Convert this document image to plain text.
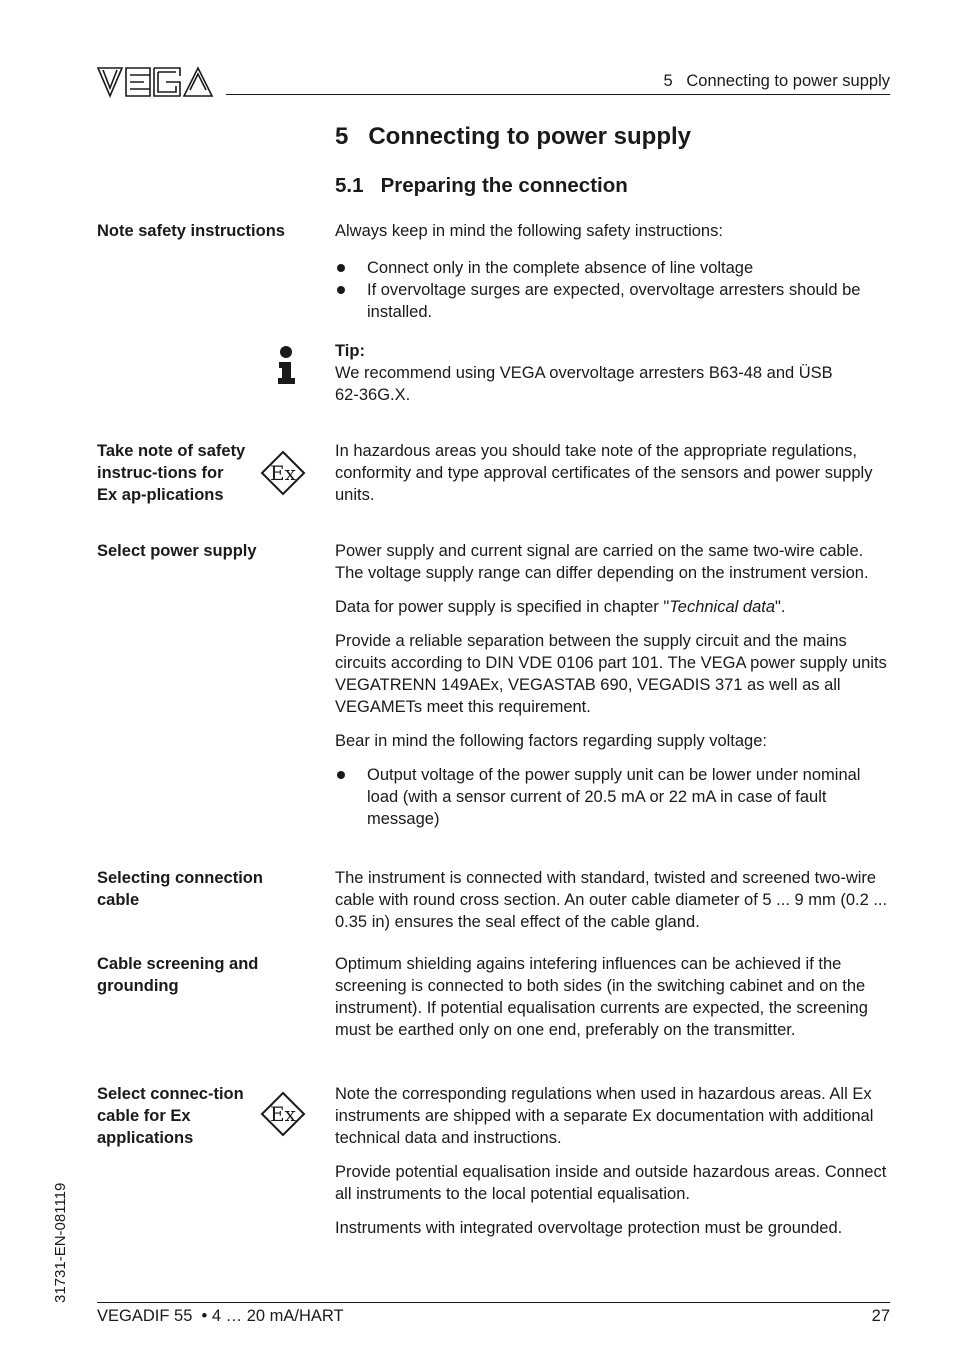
5   Connecting to power supply
5   Connecting to power supply
5.1   Preparing the connection
Note safety instructions	Always keep in mind the following safety instructions:

Connect only in the complete absence of line voltage
If overvoltage surges are expected, overvoltage arresters should be installed.
Tip:
We recommend using VEGA overvoltage arresters B63-48 and ÜSB 62-36G.X.
Take note of safety instruc-tions for Ex ap-plications
Ex

In hazardous areas you should take note of the appropriate regulations, conformity and type approval certificates of the sensors and power supply units.

Select power supply	Power supply and current signal are carried on the same two-wire cable. The voltage supply range can differ depending on the instrument version.

Data for power supply is specified in chapter "Technical data".

Provide a reliable separation between the supply circuit and the mains circuits according to DIN VDE 0106 part 101. The VEGA power supply units VEGATRENN 149AEx, VEGASTAB 690, VEGADIS 371 as well as all VEGAMETs meet this requirement.

Bear in mind the following factors regarding supply voltage:

Output voltage of the power supply unit can be lower under nominal load (with a sensor current of 20.5 mA or 22 mA in case of fault message)
Selecting connection cable

The instrument is connected with standard, twisted and screened two-wire cable with round cross section. An outer cable diameter of 5 ... 9 mm (0.2 ... 0.35 in) ensures the seal effect of the cable gland.

Cable screening and grounding

Optimum shielding agains intefering influences can be achieved if the screening is connected to both sides (in the switching cabinet and on the instrument). If potential equalisation currents are expected, the screening must be earthed only on one end, preferably on the transmitter.

Select connec-tion cable for Ex applications
Ex

Note the corresponding regulations when used in hazardous areas. All Ex instruments are shipped with a separate Ex documentation with additional technical data and instructions.

Provide potential equalisation inside and outside hazardous areas. Connect all instruments to the local potential equalisation.

Instruments with integrated overvoltage protection must be grounded.

31731-EN-081119
VEGADIF 55  • 4 … 20 mA/HART	27
